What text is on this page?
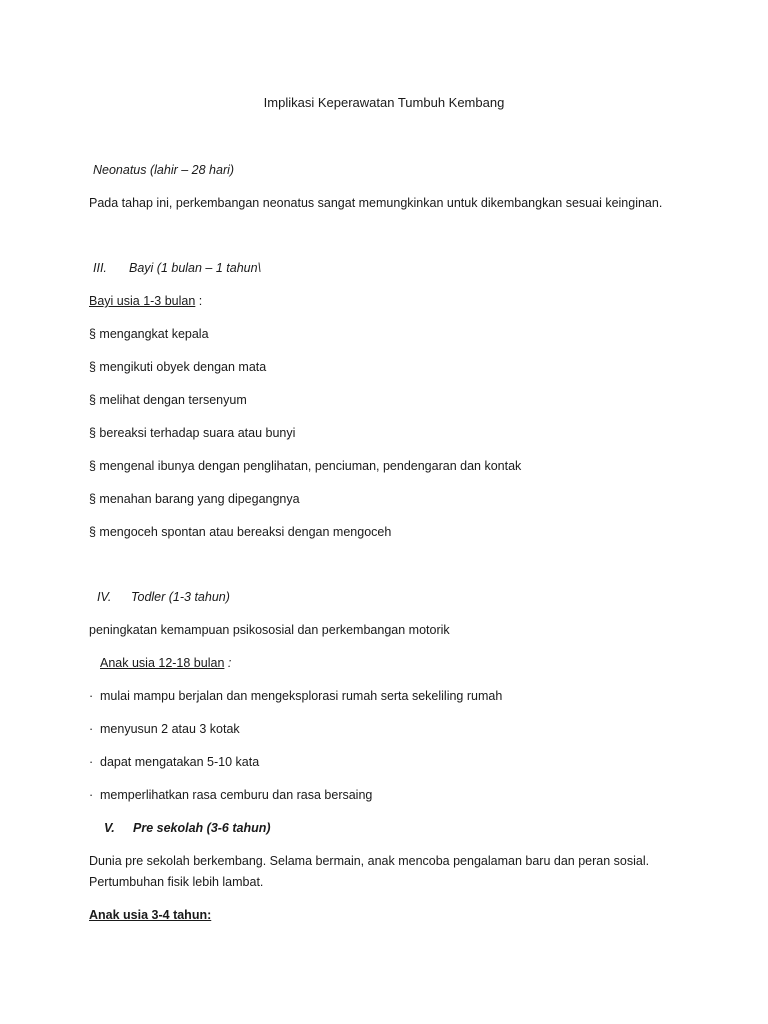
Implikasi Keperawatan Tumbuh Kembang
Neonatus (lahir – 28 hari)
Pada tahap ini, perkembangan neonatus sangat memungkinkan untuk dikembangkan sesuai keinginan.
III. Bayi (1 bulan – 1 tahun\
Bayi usia 1-3 bulan :
§ mengangkat kepala
§ mengikuti obyek dengan mata
§ melihat dengan tersenyum
§ bereaksi terhadap suara atau bunyi
§ mengenal ibunya dengan penglihatan, penciuman, pendengaran dan kontak
§ menahan barang yang dipegangnya
§ mengoceh spontan atau bereaksi dengan mengoceh
IV. Todler (1-3 tahun)
peningkatan kemampuan psikososial dan perkembangan motorik
Anak usia 12-18 bulan :
· mulai mampu berjalan dan mengeksplorasi rumah serta sekeliling rumah
· menyusun 2 atau 3 kotak
· dapat mengatakan 5-10 kata
· memperlihatkan rasa cemburu dan rasa bersaing
V. Pre sekolah (3-6 tahun)
Dunia pre sekolah berkembang. Selama bermain, anak mencoba pengalaman baru dan peran sosial.
Pertumbuhan fisik lebih lambat.
Anak usia 3-4 tahun:
